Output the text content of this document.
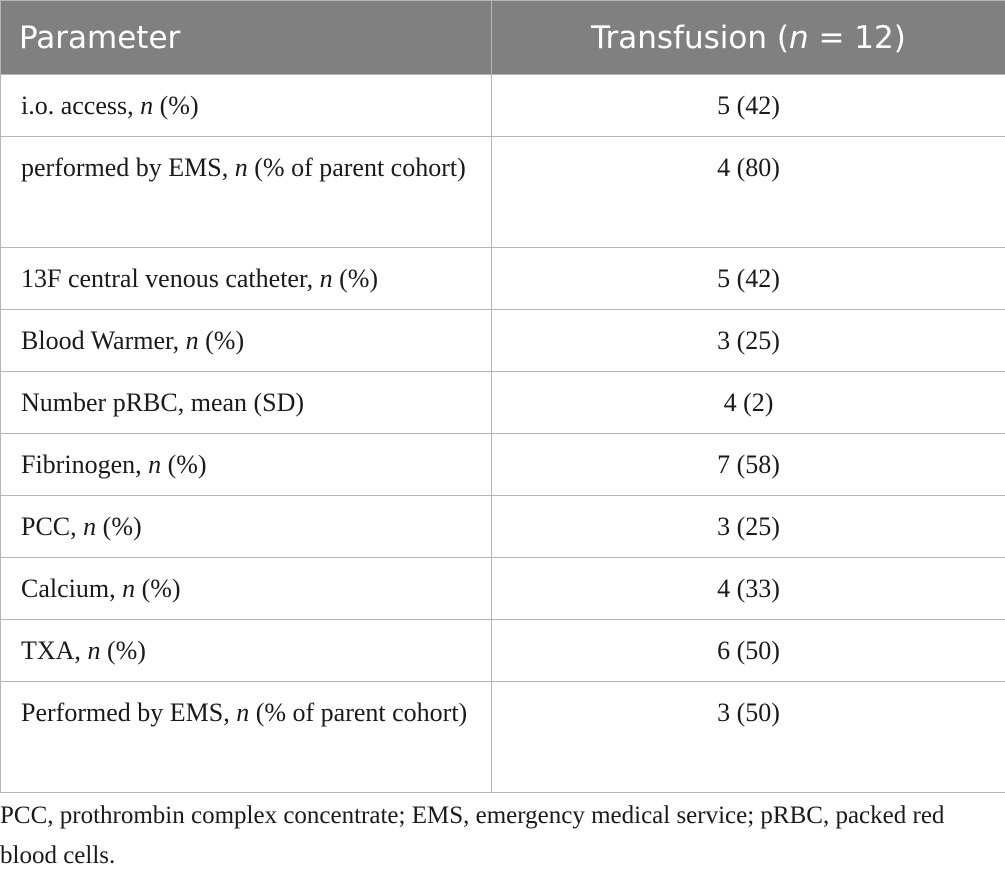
Parameter	Transfusion (n = 12)
i.o. access, n (%)	5 (42)
performed by EMS, n (% of parent cohort)	4 (80)
13F central venous catheter, n (%)	5 (42)
Blood Warmer, n (%)	3 (25)
Number pRBC, mean (SD)	4 (2)
Fibrinogen, n (%)	7 (58)
PCC, n (%)	3 (25)
Calcium, n (%)	4 (33)
TXA, n (%)	6 (50)
Performed by EMS, n (% of parent cohort)	3 (50)

PCC, prothrombin complex concentrate; EMS, emergency medical service; pRBC, packed red blood cells.
